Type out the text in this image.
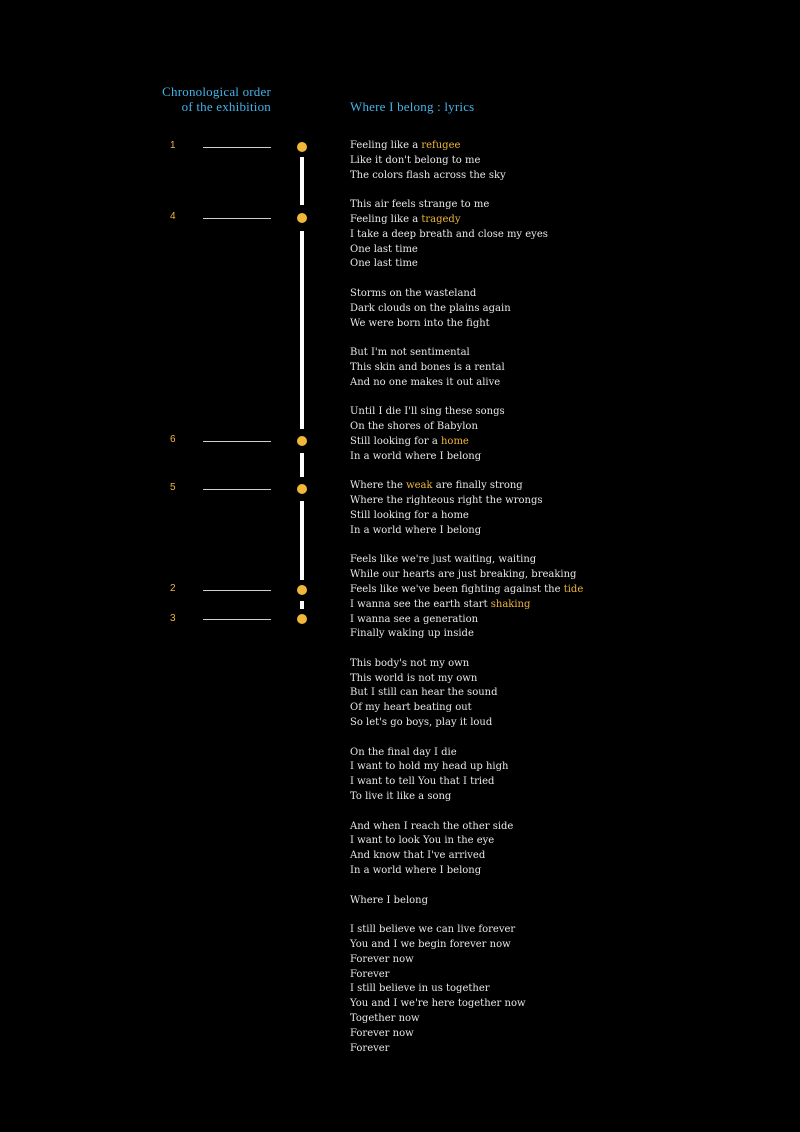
Chronological order
of the exhibition	Where I belong : lyrics
1
4
6
5
2
3
Feeling like a refugee
Like it don't belong to me
The colors flash across the sky
This air feels strange to me
Feeling like a tragedy
I take a deep breath and close my eyes
One last time
One last time
Storms on the wasteland
Dark clouds on the plains again
We were born into the fight
But I'm not sentimental
This skin and bones is a rental
And no one makes it out alive
Until I die I'll sing these songs
On the shores of Babylon
Still looking for a home
In a world where I belong
Where the weak are finally strong
Where the righteous right the wrongs
Still looking for a home
In a world where I belong
Feels like we're just waiting, waiting
While our hearts are just breaking, breaking
Feels like we've been fighting against the tide
I wanna see the earth start shaking
I wanna see a generation
Finally waking up inside
This body's not my own
This world is not my own
But I still can hear the sound
Of my heart beating out
So let's go boys, play it loud
On the final day I die
I want to hold my head up high
I want to tell You that I tried
To live it like a song
And when I reach the other side
I want to look You in the eye
And know that I've arrived
In a world where I belong
Where I belong
I still believe we can live forever
You and I we begin forever now
Forever now
Forever
I still believe in us together
You and I we're here together now
Together now
Forever now
Forever
